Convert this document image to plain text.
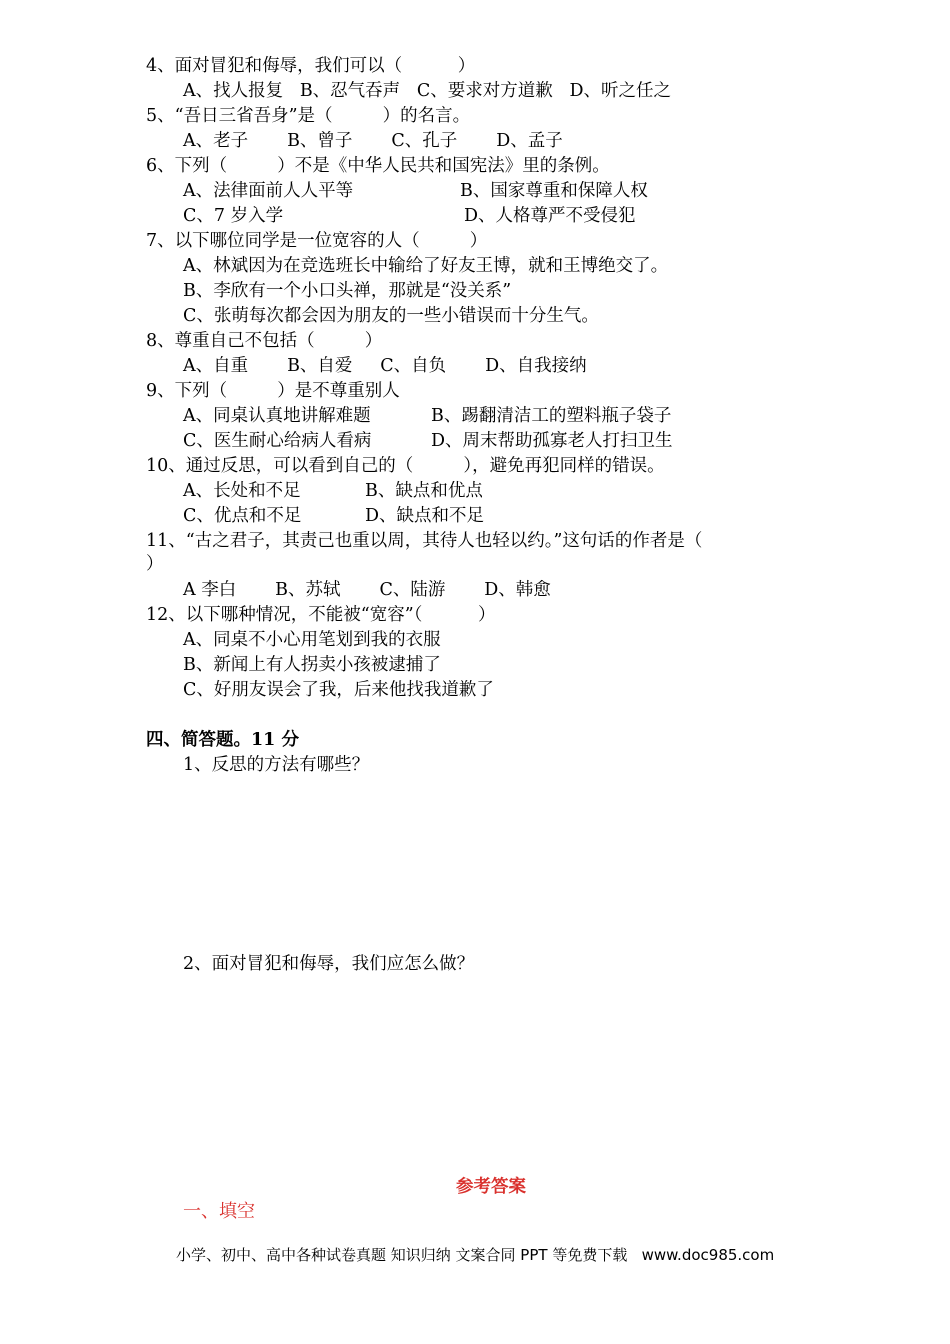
4、面对冒犯和侮辱，我们可以（          ）
A、找人报复   B、忍气吞声   C、要求对方道歉   D、听之任之
5、“吾日三省吾身”是（         ）的名言。
A、老子       B、曾子       C、孔子       D、孟子
6、下列（         ）不是《中华人民共和国宪法》里的条例。
A、法律面前人人平等	B、国家尊重和保障人权
C、7 岁入学	D、人格尊严不受侵犯
7、以下哪位同学是一位宽容的人（         ）
A、林斌因为在竞选班长中输给了好友王博，就和王博绝交了。
B、李欣有一个小口头禅，那就是“没关系”
C、张萌每次都会因为朋友的一些小错误而十分生气。
8、尊重自己不包括（         ）
A、自重       B、自爱     C、自负       D、自我接纳
9、下列（         ）是不尊重别人
A、同桌认真地讲解难题	B、踢翻清洁工的塑料瓶子袋子
C、医生耐心给病人看病	D、周末帮助孤寡老人打扫卫生
10、通过反思，可以看到自己的（         ），避免再犯同样的错误。
A、长处和不足	B、缺点和优点
C、优点和不足	D、缺点和不足
11、“古之君子，其责己也重以周，其待人也轻以约。”这句话的作者是（
）
A 李白       B、苏轼       C、陆游       D、韩愈
12、以下哪种情况，不能被“宽容”（          ）
A、同桌不小心用笔划到我的衣服
B、新闻上有人拐卖小孩被逮捕了
C、好朋友误会了我，后来他找我道歉了
四、简答题。11 分
1、反思的方法有哪些？
2、面对冒犯和侮辱，我们应怎么做？
参考答案
一、填空
小学、初中、高中各种试卷真题 知识归纳 文案合同 PPT 等免费下载   www.doc985.com
